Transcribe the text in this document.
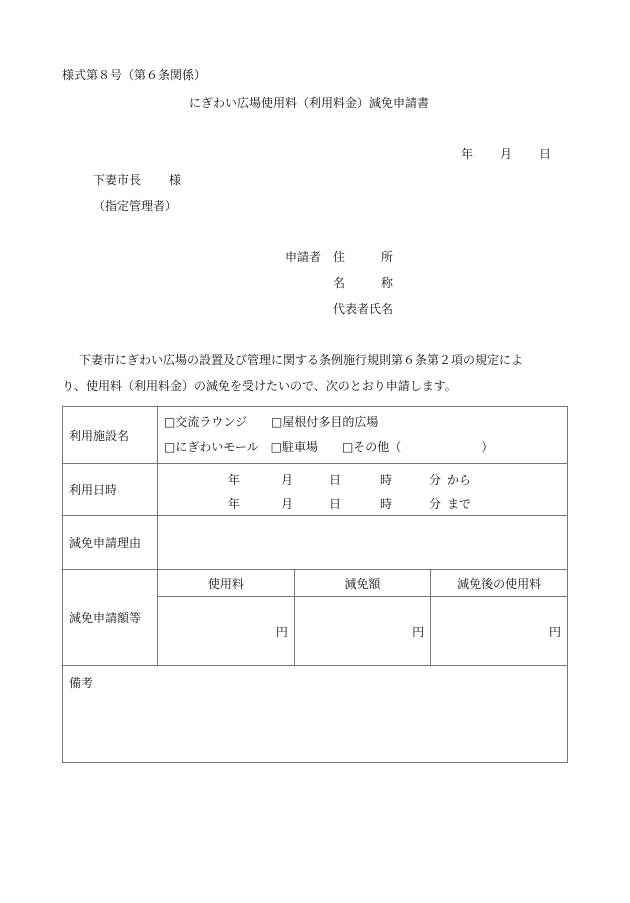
様式第８号（第６条関係）
にぎわい広場使用料（利用料金）減免申請書
年 月 日
下妻市長 様
（指定管理者）
申請者 住　　　所
名　　　称
代表者氏名
下妻市にぎわい広場の設置及び管理に関する条例施行規則第６条第２項の規定によ
り、使用料（利用料金）の減免を受けたいので、次のとおり申請します。
利用施設名	
□交流ラウンジ □屋根付多目的広場
□にぎわいモール □駐車場 □その他（	）

利用日時	
年	月	日	時	分 から
年	月	日	時	分 まで

減免申請理由	
減免申請額等	
使用料	減免額	減免後の使用料
円	円	円

備考
